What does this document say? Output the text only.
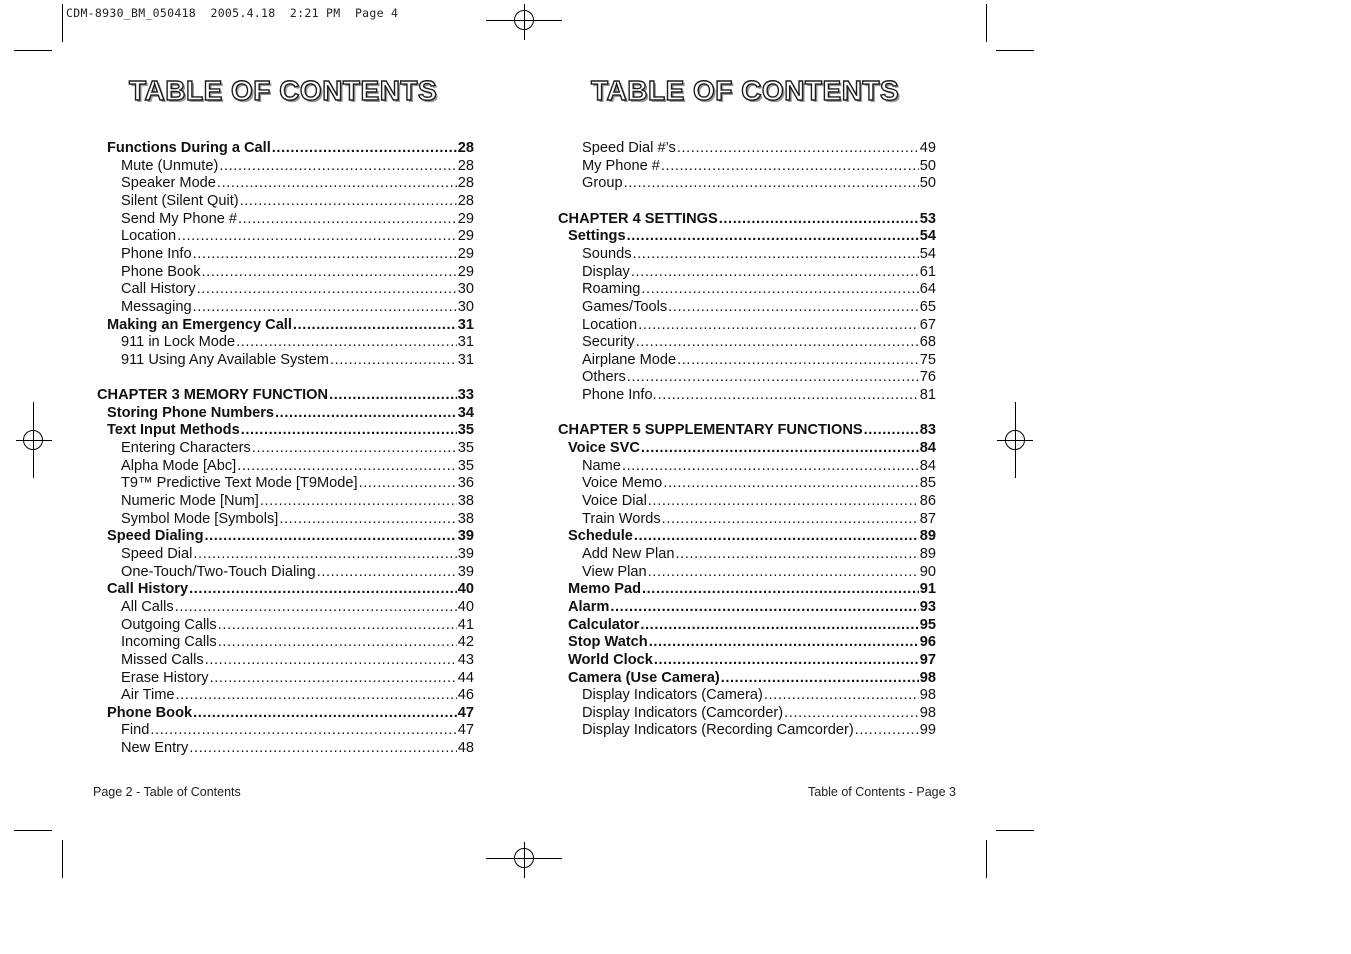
CDM-8930_BM_050418  2005.4.18  2:21 PM  Page 4
TABLE OF CONTENTS	TABLE OF CONTENTS
Functions During a Call .....	28
Mute (Unmute) .....	28
Speaker Mode .....	28
Silent (Silent Quit) .....	28
Send My Phone # .....	29
Location .....	29
Phone Info .....	29
Phone Book .....	29
Call History .....	30
Messaging .....	30
Making an Emergency Call .....	31
911 in Lock Mode .....	31
911 Using Any Available System .....	31
CHAPTER 3 MEMORY FUNCTION .....	33
Storing Phone Numbers .....	34
Text Input Methods .....	35
Entering Characters .....	35
Alpha Mode [Abc] .....	35
T9™ Predictive Text Mode [T9Mode] .....	36
Numeric Mode [Num] .....	38
Symbol Mode [Symbols] .....	38
Speed Dialing .....	39
Speed Dial .....	39
One-Touch/Two-Touch Dialing .....	39
Call History .....	40
All Calls .....	40
Outgoing Calls .....	41
Incoming Calls .....	42
Missed Calls .....	43
Erase History .....	44
Air Time .....	46
Phone Book .....	47
Find .....	47
New Entry .....	48
Speed Dial #’s .....	49
My Phone # .....	50
Group .....	50
CHAPTER 4 SETTINGS .....	53
Settings .....	54
Sounds .....	54
Display .....	61
Roaming .....	64
Games/Tools .....	65
Location .....	67
Security .....	68
Airplane Mode .....	75
Others .....	76
Phone Info. .....	81
CHAPTER 5 SUPPLEMENTARY FUNCTIONS .....	83
Voice SVC .....	84
Name .....	84
Voice Memo .....	85
Voice Dial .....	86
Train Words .....	87
Schedule .....	89
Add New Plan .....	89
View Plan .....	90
Memo Pad .....	91
Alarm .....	93
Calculator .....	95
Stop Watch .....	96
World Clock .....	97
Camera (Use Camera) .....	98
Display Indicators (Camera) .....	98
Display Indicators (Camcorder) .....	98
Display Indicators (Recording Camcorder) .....	99
Page 2 - Table of Contents	Table of Contents - Page 3
